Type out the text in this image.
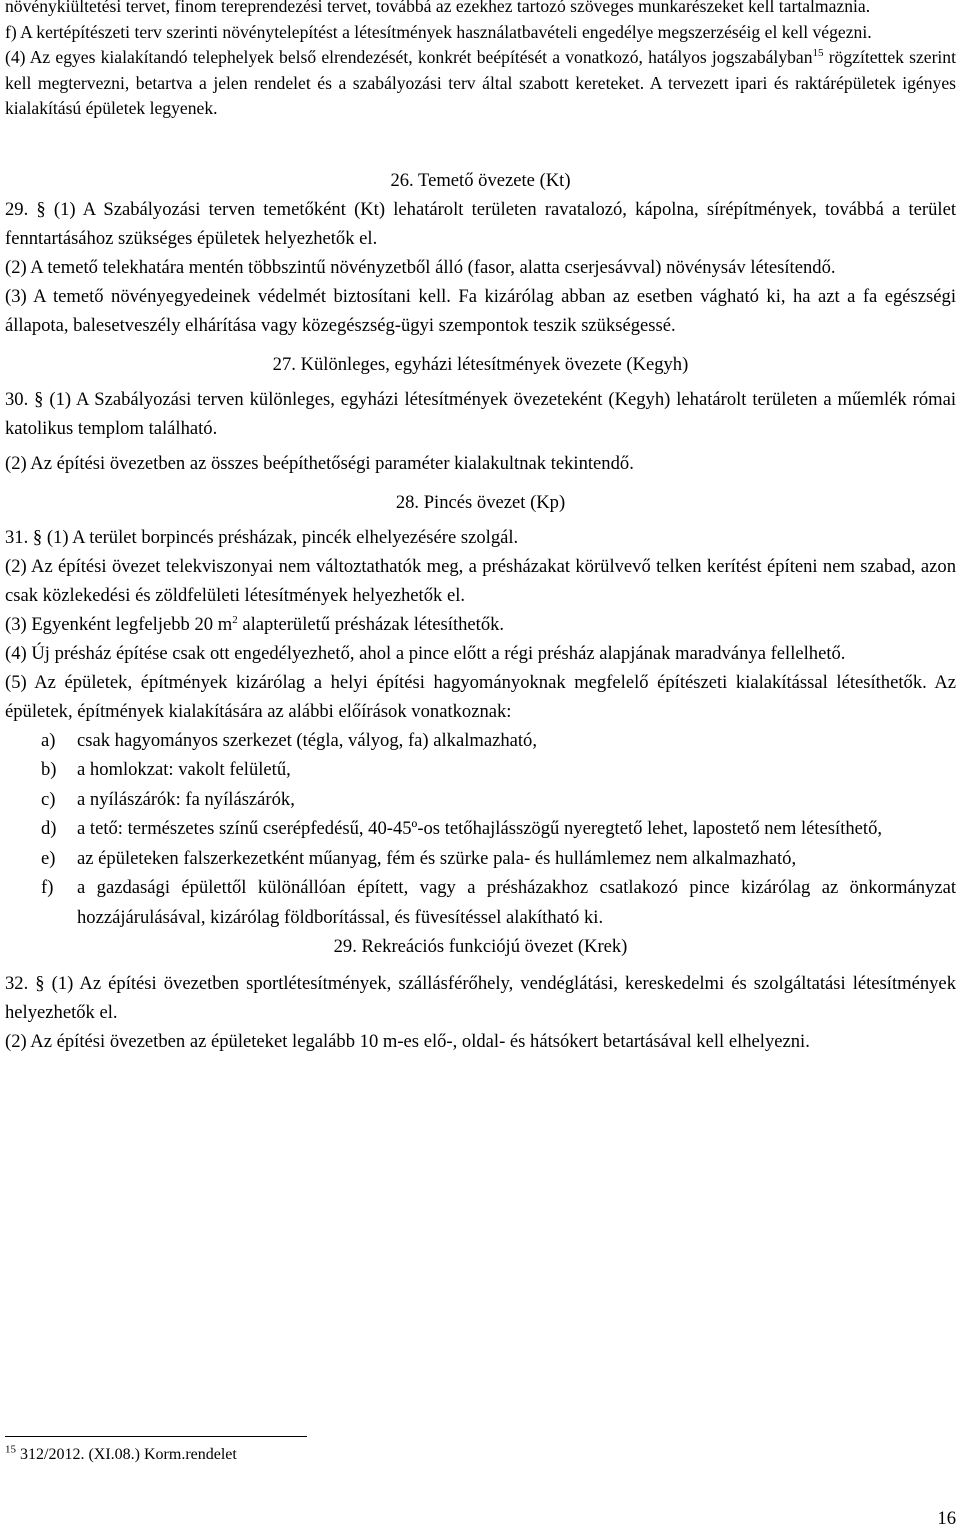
növénykiültetési tervet, finom tereprendezési tervet, továbbá az ezekhez tartozó szöveges munkarészeket kell tartalmaznia.

f) A kertépítészeti terv szerinti növénytelepítést a létesítmények használatbavételi engedélye megszerzéséig el kell végezni.

(4) Az egyes kialakítandó telephelyek belső elrendezését, konkrét beépítését a vonatkozó, hatályos jogszabályban$^{15}$ rögzítettek szerint kell megtervezni, betartva a jelen rendelet és a szabályozási terv által szabott kereteket. A tervezett ipari és raktárépületek igényes kialakítású épületek legyenek.

26. Temető övezete (Kt)

29. § (1) A Szabályozási terven temetőként (Kt) lehatárolt területen ravatalozó, kápolna, sírépítmények, továbbá a terület fenntartásához szükséges épületek helyezhetők el.

(2) A temető telekhatára mentén többszintű növényzetből álló (fasor, alatta cserjesávval) növénysáv létesítendő.

(3) A temető növényegyedeinek védelmét biztosítani kell. Fa kizárólag abban az esetben vágható ki, ha azt a fa egészségi állapota, balesetveszély elhárítása vagy közegészség-ügyi szempontok teszik szükségessé.

27. Különleges, egyházi létesítmények övezete (Kegyh)

30. § (1) A Szabályozási terven különleges, egyházi létesítmények övezeteként (Kegyh) lehatárolt területen a műemlék római katolikus templom található.

(2) Az építési övezetben az összes beépíthetőségi paraméter kialakultnak tekintendő.

28. Pincés övezet (Kp)

31. § (1) A terület borpincés présházak, pincék elhelyezésére szolgál.

(2) Az építési övezet telekviszonyai nem változtathatók meg, a présházakat körülvevő telken kerítést építeni nem szabad, azon csak közlekedési és zöldfelületi létesítmények helyezhetők el.

(3) Egyenként legfeljebb 20 $m^2$ alapterületű présházak létesíthetők.

(4) Új présház építése csak ott engedélyezhető, ahol a pince előtt a régi présház alapjának maradványa fellelhető.

(5) Az épületek, építmények kizárólag a helyi építési hagyományoknak megfelelő építészeti kialakítással létesíthetők. Az épületek, építmények kialakítására az alábbi előírások vonatkoznak:

a)	csak hagyományos szerkezet (tégla, vályog, fa) alkalmazható,
b)	a homlokzat: vakolt felületű,
c)	a nyílászárók: fa nyílászárók,
d)	a tető: természetes színű cserépfedésű, 40-45º-os tetőhajlásszögű nyeregtető lehet, lapostető nem létesíthető,
e)	az épületeken falszerkezetként műanyag, fém és szürke pala- és hullámlemez nem alkalmazható,
f)	a gazdasági épülettől különállóan épített, vagy a présházakhoz csatlakozó pince kizárólag az önkormányzat hozzájárulásával, kizárólag földborítással, és füvesítéssel alakítható ki.

29. Rekreációs funkciójú övezet (Krek)

32. § (1) Az építési övezetben sportlétesítmények, szállásférőhely, vendéglátási, kereskedelmi és szolgáltatási létesítmények helyezhetők el.

(2) Az építési övezetben az épületeket legalább 10 m-es elő-, oldal- és hátsókert betartásával kell elhelyezni.

$^{15}$ 312/2012. (XI.08.) Korm.rendelet
16
